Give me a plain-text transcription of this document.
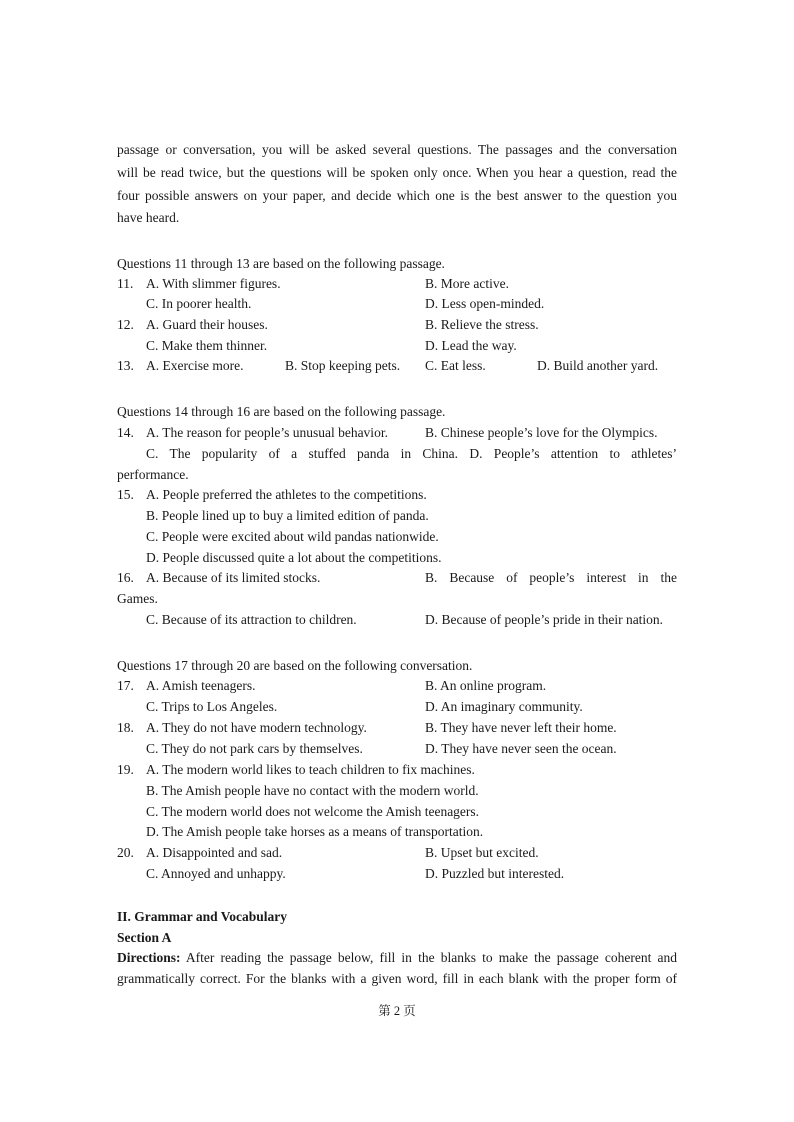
passage or conversation, you will be asked several questions. The passages and the conversation
will be read twice, but the questions will be spoken only once. When you hear a question, read the
four possible answers on your paper, and decide which one is the best answer to the question you
have heard.
Questions 11 through 13 are based on the following passage.
11. A. With slimmer figures.	B. More active.
C. In poorer health.	D. Less open-minded.
12. A. Guard their houses.	B. Relieve the stress.
C. Make them thinner.	D. Lead the way.
13. A. Exercise more.	B. Stop keeping pets. C. Eat less.	D. Build another yard.
Questions 14 through 16 are based on the following passage.
14. A. The reason for people’s unusual behavior.	B. Chinese people’s love for the Olympics.
C. The popularity of a stuffed panda in China. D. People’s attention to athletes’
performance.
15. A. People preferred the athletes to the competitions.
B. People lined up to buy a limited edition of panda.
C. People were excited about wild pandas nationwide.
D. People discussed quite a lot about the competitions.
16. A. Because of its limited stocks.	B. Because of people’s interest in the
Games.
C. Because of its attraction to children.	D. Because of people’s pride in their nation.
Questions 17 through 20 are based on the following conversation.
17. A. Amish teenagers.	B. An online program.
C. Trips to Los Angeles.	D. An imaginary community.
18. A. They do not have modern technology.	B. They have never left their home.
C. They do not park cars by themselves.	D. They have never seen the ocean.
19. A. The modern world likes to teach children to fix machines.
B. The Amish people have no contact with the modern world.
C. The modern world does not welcome the Amish teenagers.
D. The Amish people take horses as a means of transportation.
20. A. Disappointed and sad.	B. Upset but excited.
C. Annoyed and unhappy.	D. Puzzled but interested.
II. Grammar and Vocabulary
Section A
Directions: After reading the passage below, fill in the blanks to make the passage coherent and
grammatically correct. For the blanks with a given word, fill in each blank with the proper form of
第 2 页
